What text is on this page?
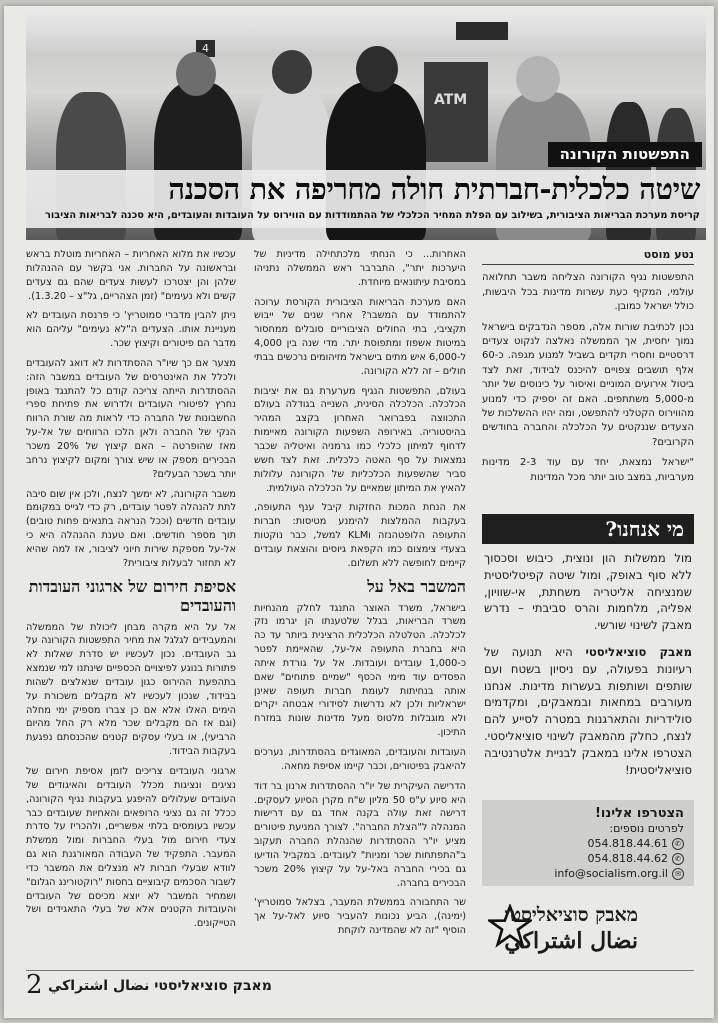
4
ATM
התפשטות הקורונה
שיטה כלכלית-חברתית חולה מחריפה את הסכנה
קריסת מערכת הבריאות הציבורית, בשילוב עם הפלת המחיר הכלכלי של ההתמודדות עם הווירוס על העובדות והעובדים, היא סכנה לבריאות הציבור
נטע מוסט

התפשטות נגיף הקורונה הצליחה משבר תחלואה עולמי, המקיף כעת עשרות מדינות בכל היבשות, כולל ישראל כמובן.

נכון לכתיבת שורות אלה, מספר הנדבקים בישראל נמוך יחסית, אך הממשלה נאלצה לנקוט צעדים דרסטיים וחסרי תקדים בשביל למנוע מגפה. כ-60 אלף תושבים צפויים להיכנס לבידוד, זאת לצד ביטול אירועים המוניים ואיסור על כינוסים של יותר מ-5,000 משתתפים. האם זה יספיק כדי למנוע מהווירוס הקטלני להתפשט, ומה יהיו ההשלכות של הצעדים שננקטים על הכלכלה והחברה בחודשים הקרובים?

"ישראל נמצאת, יחד עם עוד 2-3 מדינות מערביות, במצב טוב יותר מכל המדינות

מי אנחנו?

מול ממשלות הון ונוצית, כיבוש וסכסוך ללא סוף באופק, ומול שיטה קפיטליסטית שמנציחה אליטריה משחתת, אי-שוויון, אפליה, מלחמות והרס סביבתי – נדרש מאבק לשינוי שורשי.

מאבק סוציאליסטי היא תנועה של רעיונות בפעולה, עם ניסיון בשטח ועם שותפים ושותפות בעשרות מדינות. אנחנו מעורבים במחאות ובמאבקים, ומקדמים סולידריות והתארגנות במטרה לסייע להם לנצח, כחלק מהמאבק לשינוי סוציאליסטי. הצטרפו אלינו במאבק לבניית אלטרנטיבה סוציאליסטית!

הצטרפו אלינו!
לפרטים נוספים:
054.818.44.61 ✆
054.818.44.62 ✆
info@socialism.org.il ✉
מאבק סוציאליסטי
نضال اشتراكي

האחרות... כי הנחתי מלכתחילה מדיניות של היערכות יתר", התברבר ראש הממשלה נתניהו במסיבת עיתונאים מיוחדת.

האם מערכת הבריאות הציבורית הקורסת ערוכה להתמודד עם המשבר? אחרי שנים של ייבוש תקציבי, בתי החולים הציבוריים סובלים ממחסור במיטות אשפוז ומתפוסת יתר. מדי שנה בין 4,000 ל-6,000 איש מתים בישראל מזיהומים נרכשים בבתי חולים – זה ללא הקורונה.

בעולם, התפשטות הנגיף מערערת גם את יציבות הכלכלה. הכלכלה הסינית, השנייה בגודלה בעולם התכווצה בפברואר האחרון בקצב המהיר בהיסטוריה. באירופה השפעות הקורונה מאיימות לדחוף למיתון כלכלי כמו גרמניה ואיטליה שכבר נמצאות על סף האטה כלכלית. זאת לצד חשש סביר שהשפעות הכלכליות של הקורונה עלולות להאיץ את המיתון שמאיים על הכלכלה העולמית.

את הנחת המכות החזקות קיבל ענף התעופה, בעקבות ההמלצות להימנע מטיסות: חברות התעופה הלופטהנזה וKLM למשל, כבר נוקטות בצעדי צימצום כמו הקפאת גיוסים והוצאת עובדים קיימים לחופשה ללא תשלום.

המשבר באל על

בישראל, משרד האוצר התנגד לחלק מהנחיות משרד הבריאות, בגלל שלטענתו הן יגרמו נזק לכלכלה. הטלטלה הכלכלית הרצינית ביותר עד כה היא בחברת התעופה אל-על, שהאיימת לפטר כ-1,000 עובדים ועובדות. אל על גורדת איתה הפסדים עוד מימי הכסף "שמיים פתוחים" שאם אותה בנחיתות לעומת חברות תעופה שאינן ישראליות ולכן לא נדרשות לסידורי אבטחה יקרים ולא מוגבלות מלטוס מעל מדינות שונות במזרח התיכון.

העובדות והעובדים, המאוגדים בהסתדרות, נערכים להיאבק בפיטורים, וכבר קיימו אסיפת מחאה.

הדרישה העיקרית של יו"ר ההסתדרות ארנון בר דוד היא סיוע ע"ס 50 מליון ש"ח מקרן הסיוע לעסקים. דרישה זאת עולה בקנה אחד גם עם דרישות המנהלה ל"הצלת החברה". לצורך המניעת פיטורים מציע יו"ר ההסתדרות שהנהלת החברה תעקוב ב"התפתחות שכר ומניות" לעובדים. במקביל הודיעו גם בכירי החברה באל-על על קיצוץ 20% משכר הבכירים בחברה.

שר התחבורה בממשלת המעבר, בצלאל סמוטריץ' (ימינה), הביע נכונות להעביר סיוע לאל-על אך הוסיף "זה לא שהמדינה לוקחת

עכשיו את מלוא האחריות – האחריות מוטלת בראש ובראשונה על החברות. אני בקשר עם ההנהלות שלהן והן יצטרכו לעשות צעדים שהם גם צעדים קשים ולא נעימים" (זמן הצהריים, גל"צ – 1.3.20).

ניתן להבין מדברי סמוטריץ' כי פרנסת העובדים לא מעניינת אותו. הצעדים ה"לא נעימים" עליהם הוא מדבר הם פיטורים וקיצוץ שכר.

מצער אם כך שיו"ר ההסתדרות לא דואג להעובדים ולכלל את האינטרסים של העובדים במשבר הזה: ההסתדרות הייתה צריכה קודם כל להתנגד באופן נחרץ לפיטורי העובדים ולדרוש את פתיחת ספרי החשבונות של החברה כדי לראות מה שורת הרווח הנקי של החברה ולאן הלכו הרווחים של אל-על מאז שהופרטה – האם קיצוץ של 20% משכר הבכירים מספק או שיש צורך ומקום לקיצוץ נרחב יותר בשכר הבעלים?

משבר הקורונה, לא ימשך לנצח, ולכן אין שום סיבה לתת להנהלה לפטר עובדים, רק כדי לגייס במקומם עובדים חדשים (וככל הנראה בתנאים פחות טובים) תוך מספר חודשים. ואם טענת ההנהלה היא כי אל-על מספקת שירות חיוני לציבור, אז למה שהיא לא תחזור לבעלות ציבורית?

אסיפת חירום של ארגוני העובדות והעובדים

אל על היא מקרה מבחן ליכולת של הממשלה והמעבידים לגלגל את מחיר התפשטות הקורונה על גב העובדים. נכון לעכשיו יש סדרת שאלות לא פתורות בנוגע לפיצויים הכספיים שינתנו למי שנמצא בתהפעת ההירוס כגון עובדים שנאלצים לשהות בבידוד, שנכון לעכשיו לא מקבלים משכורת על הימים האלו אלא אם כן צברו מספיק ימי מחלה (וגם אז הם מקבלים שכר מלא רק החל מהיום הרביעי), או בעלי עסקים קטנים שהכנסתם נפגעת בעקבות הבידוד.

ארגוני העובדים צריכים לזמן אסיפת חירום של נציגים ונציגות מכלל העובדים והאיגודים של העובדים שעלולים להיפגע בעקבות נגיף הקורונה, ככלל זה גם נציגי הרופאים והאחיות שעובדים כבר עכשיו בעומסים בלתי אפשריים, ולהכריז על סדרת צעדי חירום מול בעלי החברות ומול ממשלת המעבר. התפקיד של העבודה המאורגנת הוא גם לוודא שבעלי חברות לא מנצלים את המשבר כדי לשבור הסכמים קיבוציים בחסות "רוקטורינג הגלום" ושמחיר המשבר לא יוצא מכיסם של העובדים והעובדות הקטנים אלא של בעלי התאגידים ושל הטייקונים.

2 מאבק סוציאליסטי نضال اشتراكي
